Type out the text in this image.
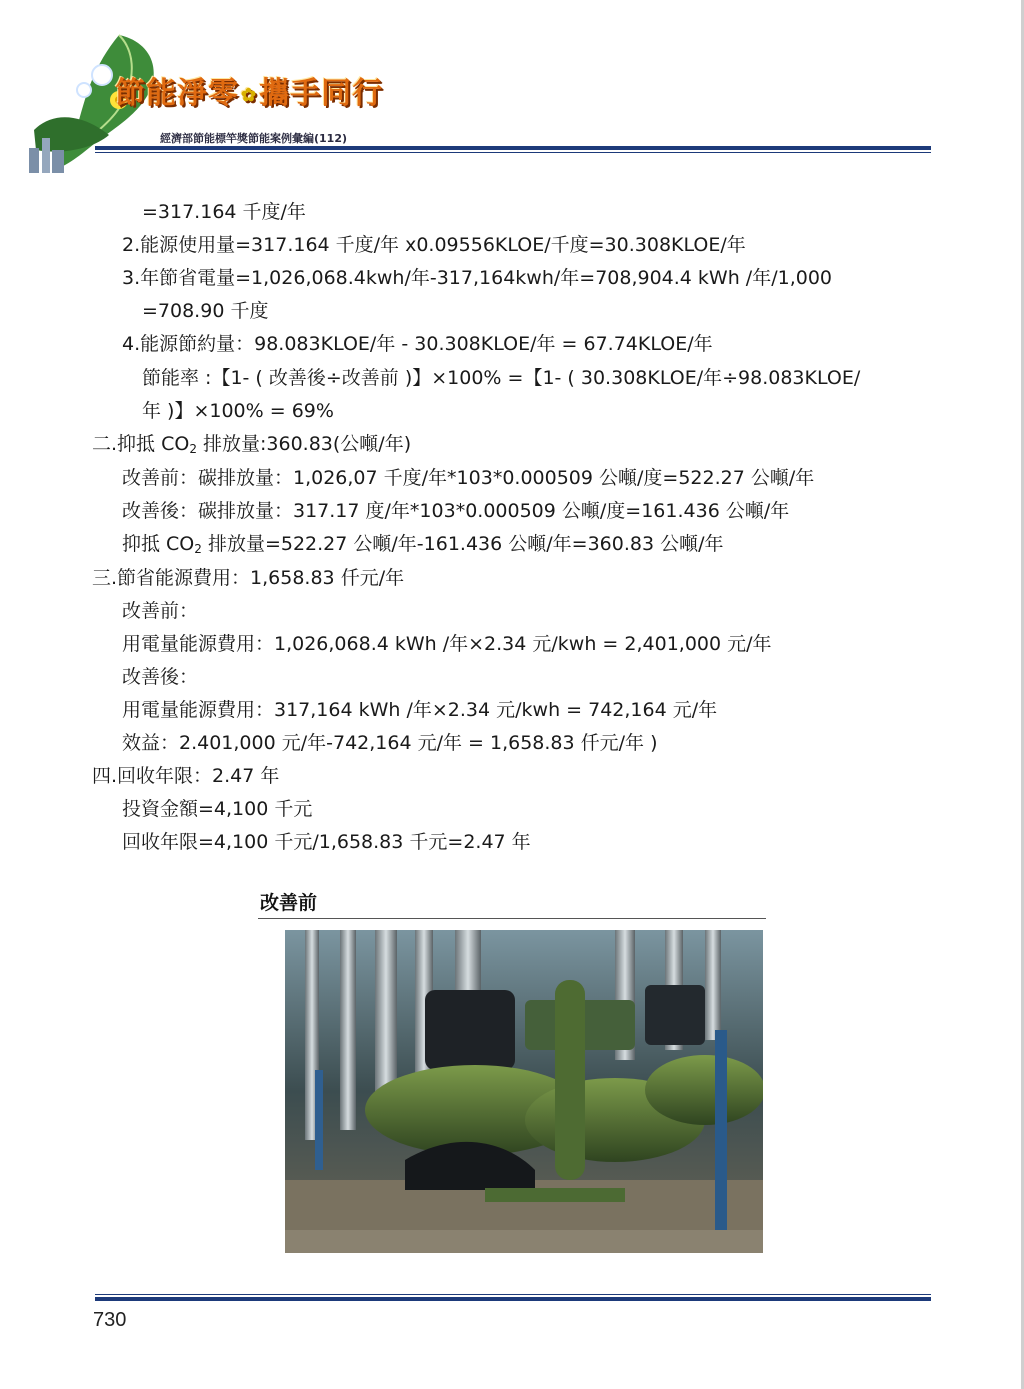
節能淨零 ✿攜手同行
經濟部節能標竿獎節能案例彙編(112)
=317.164 千度/年
2.能源使用量=317.164 千度/年 x0.09556KLOE/千度=30.308KLOE/年
3.年節省電量=1,026,068.4kwh/年-317,164kwh/年=708,904.4 kWh /年/1,000
=708.90 千度
4.能源節約量：98.083KLOE/年 - 30.308KLOE/年 = 67.74KLOE/年
節能率 :【1- ( 改善後÷改善前 )】×100% =【1- ( 30.308KLOE/年÷98.083KLOE/
年 )】×100% = 69%
二.抑抵 $CO_2$ 排放量:360.83(公噸/年)
改善前：碳排放量：1,026,07 千度/年*103*0.000509 公噸/度=522.27 公噸/年
改善後：碳排放量：317.17 度/年*103*0.000509 公噸/度=161.436 公噸/年
抑抵 $CO_2$ 排放量=522.27 公噸/年-161.436 公噸/年=360.83 公噸/年
三.節省能源費用：1,658.83 仟元/年
改善前：
用電量能源費用：1,026,068.4 kWh /年×2.34 元/kwh = 2,401,000 元/年
改善後：
用電量能源費用：317,164 kWh /年×2.34 元/kwh = 742,164 元/年
效益：2.401,000 元/年-742,164 元/年 = 1,658.83 仟元/年 )
四.回收年限：2.47 年
投資金額=4,100 千元
回收年限=4,100 千元/1,658.83 千元=2.47 年
改善前
730
